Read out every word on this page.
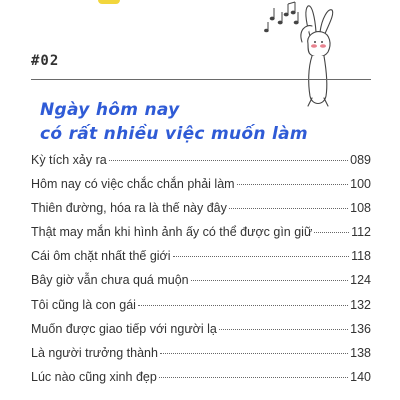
#02
Ngày hôm nay
có rất nhiều việc muốn làm
Kỳ tích xảy ra	089
Hôm nay có việc chắc chắn phải làm	100
Thiên đường, hóa ra là thế này đây	108
Thật may mắn khi hình ảnh ấy có thể được gìn giữ	112
Cái ôm chặt nhất thế giới	118
Bây giờ vẫn chưa quá muộn	124
Tôi cũng là con gái	132
Muốn được giao tiếp với người lạ	136
Là người trưởng thành	138
Lúc nào cũng xinh đẹp	140
